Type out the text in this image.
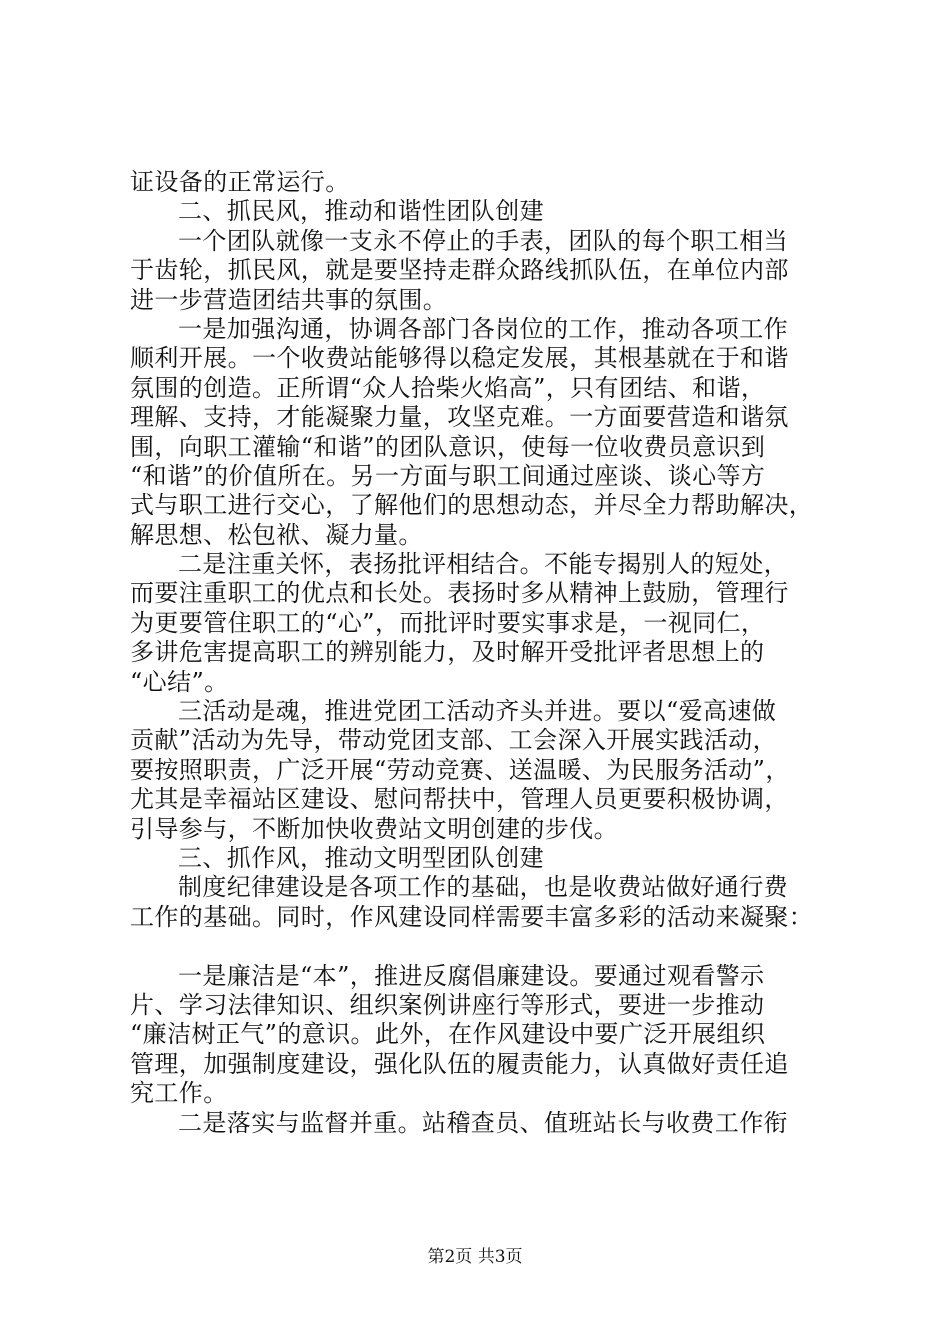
证设备的正常运行。
二、抓民风，推动和谐性团队创建
一个团队就像一支永不停止的手表，团队的每个职工相当
于齿轮，抓民风，就是要坚持走群众路线抓队伍，在单位内部
进一步营造团结共事的氛围。
一是加强沟通，协调各部门各岗位的工作，推动各项工作
顺利开展。一个收费站能够得以稳定发展，其根基就在于和谐
氛围的创造。正所谓“众人拾柴火焰高”，只有团结、和谐，
理解、支持，才能凝聚力量，攻坚克难。一方面要营造和谐氛
围，向职工灌输“和谐”的团队意识，使每一位收费员意识到
“和谐”的价值所在。另一方面与职工间通过座谈、谈心等方
式与职工进行交心，了解他们的思想动态，并尽全力帮助解决，
解思想、松包袱、凝力量。
二是注重关怀，表扬批评相结合。不能专揭别人的短处，
而要注重职工的优点和长处。表扬时多从精神上鼓励，管理行
为更要管住职工的“心”，而批评时要实事求是，一视同仁，
多讲危害提高职工的辨别能力，及时解开受批评者思想上的
“心结”。
三活动是魂，推进党团工活动齐头并进。要以“爱高速做
贡献”活动为先导，带动党团支部、工会深入开展实践活动，
要按照职责，广泛开展“劳动竞赛、送温暖、为民服务活动”，
尤其是幸福站区建设、慰问帮扶中，管理人员更要积极协调，
引导参与，不断加快收费站文明创建的步伐。
三、抓作风，推动文明型团队创建
制度纪律建设是各项工作的基础，也是收费站做好通行费
工作的基础。同时，作风建设同样需要丰富多彩的活动来凝聚：
一是廉洁是“本”，推进反腐倡廉建设。要通过观看警示
片、学习法律知识、组织案例讲座行等形式，要进一步推动
“廉洁树正气”的意识。此外，在作风建设中要广泛开展组织
管理，加强制度建设，强化队伍的履责能力，认真做好责任追
究工作。
二是落实与监督并重。站稽查员、值班站长与收费工作衔
第2页 共3页
